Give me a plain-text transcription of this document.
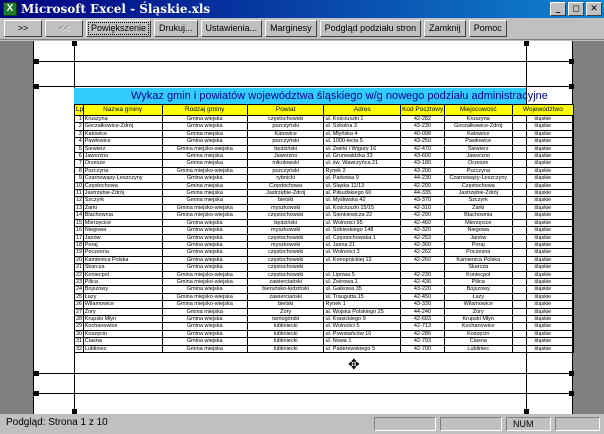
X Microsoft Excel - Śląskie.xls	_	◻	✕
>>	<<	Powiększenie	Drukuj...	Ustawienia...	Marginesy	Podgląd podziału stron	Zamknij	Pomoc
Wykaz gmin i powiatów województwa śląskiego w/g nowego podziału administracyjne
Lp	Nazwa gminy	Rodzaj gminy	Powiat	Adres	Kod Pocztowy	Miejscowość	Województwo
1	Kruszyna	Gmina wiejska	częstochowski	ul. Kościuszki 1	42-282	Kruszyna	śląskie
2	Goczałkowice-Zdrój	Gmina wiejska	pszczyński	ul. Szkolna 3	43-230	Goczałkowice-Zdrój	śląskie
3	Katowice	Gmina miejska	Katowice	ul. Młyńska 4	40-098	Katowice	śląskie
4	Pawłowice	Gmina wiejska	pszczyński	ul. 1000-lecia 5	43-250	Pawłowice	śląskie
5	Siewierz	Gmina miejsko-wiejska	będziński	ul. Żwirki i Wigury 16	42-470	Siewierz	śląskie
6	Jaworzno	Gmina miejska	Jaworzno	ul. Grunwaldzka 33	43-600	Jaworzno	śląskie
7	Orzesze	Gmina miejska	mikołowski	ul. św. Wawrzyńca 21	43-180	Orzesze	śląskie
8	Pszczyna	Gmina miejsko-wiejska	pszczyński	Rynek 2	43-200	Pszczyna	śląskie
9	Czarnowąsy-Leszczyny	Gmina wiejska	rybnicki	ul. Parkowa 9	44-230	Czarnowąsy-Leszczyny	śląskie
10	Częstochowa	Gmina miejska	Częstochowa	ul. Śląska 11/13	42-200	Częstochowa	śląskie
11	Jastrzębie-Zdrój	Gmina miejska	Jastrzębie-Zdrój	al. Piłsudskiego 60	44-335	Jastrzębie-Zdrój	śląskie
12	Szczyrk	Gmina miejska	bielski	ul. Myśliwska 42	43-370	Szczyrk	śląskie
13	Żarki	Gmina miejsko-wiejska	myszkowski	ul. Kościuszki 15/15	42-310	Żarki	śląskie
14	Blachownia	Gmina miejsko-wiejska	częstochowski	ul. Sienkiewicza 22	42-290	Blachownia	śląskie
15	Mierzęcice	Gmina wiejska	będziński	ul. Wolności 95	42-460	Mierzęcice	śląskie
16	Niegowa	Gmina wiejska	myszkowski	ul. Sobieskiego 148	42-320	Niegowa	śląskie
17	Janów	Gmina wiejska	częstochowski	ul. Częstochowska 1	42-253	Janów	śląskie
18	Poraj	Gmina wiejska	myszkowski	ul. Jasna 21	42-360	Poraj	śląskie
19	Poczesna	Gmina wiejska	częstochowski	ul. Wolności 3	42-262	Poczesna	śląskie
20	Kamienica Polska	Gmina wiejska	częstochowski	ul. Konopnickiej 12	42-260	Kamienica Polska	śląskie
21	Skarcza	Gmina wiejska	częstochowski			Skarcza	śląskie
22	Koniecpol	Gmina miejsko-wiejska	częstochowski	ul. Lipowa 5	42-230	Koniecpol	śląskie
23	Pilica	Gmina miejsko-wiejska	zawierciański	ul. Żwirowa 1	42-436	Pilica	śląskie
24	Bojszowy	Gmina wiejska	bieruńsko-lędziński	ul. Gaikowa 35	43-220	Bojszowy	śląskie
25	Łazy	Gmina miejsko-wiejska	zawierciański	ul. Traugutta 15	42-450	Łazy	śląskie
26	Wilamowice	Gmina miejsko-wiejska	bielski	Rynek 1	43-330	Wilamowice	śląskie
27	Żory	Gmina miejska	Żory	al. Wojska Polskiego 25	44-240	Żory	śląskie
28	Krupski Młyn	Gmina wiejska	tarnogórski	ul. Krasickiego 9	42-693	Krupski Młyn	śląskie
29	Kochanowice	Gmina wiejska	lubliniecki	ul. Wolności 5	42-713	Kochanowice	śląskie
30	Koszęcin	Gmina wiejska	lubliniecki	ul. Powstańców 10	42-286	Koszęcin	śląskie
31	Ciasna	Gmina wiejska	lubliniecki	ul. Nowa 1	42-793	Ciasna	śląskie
32	Lubliniec	Gmina miejska	lubliniecki	ul. Paderewskiego 5	42-700	Lubliniec	śląskie
✥
Podgląd: Strona 1 z 10	NUM
